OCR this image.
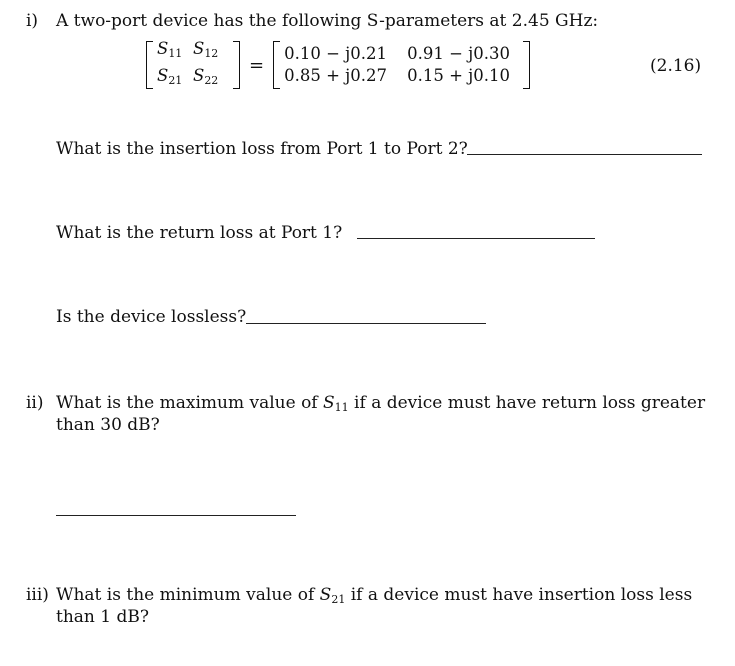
i) A two-port device has the following S-parameters at 2.45 GHz:
$S_{11}$ $S_{12}$
$S_{21}$ $S_{22}$
=
0.10 − j0.21	0.91 − j0.30
0.85 + j0.27	0.15 + j0.10	(2.16)
What is the insertion loss from Port 1 to Port 2?
What is the return loss at Port 1?
Is the device lossless?
ii) What is the maximum value of $S_{11}$ if a device must have return loss greater
than 30 dB?
iii) What is the minimum value of $S_{21}$ if a device must have insertion loss less
than 1 dB?
